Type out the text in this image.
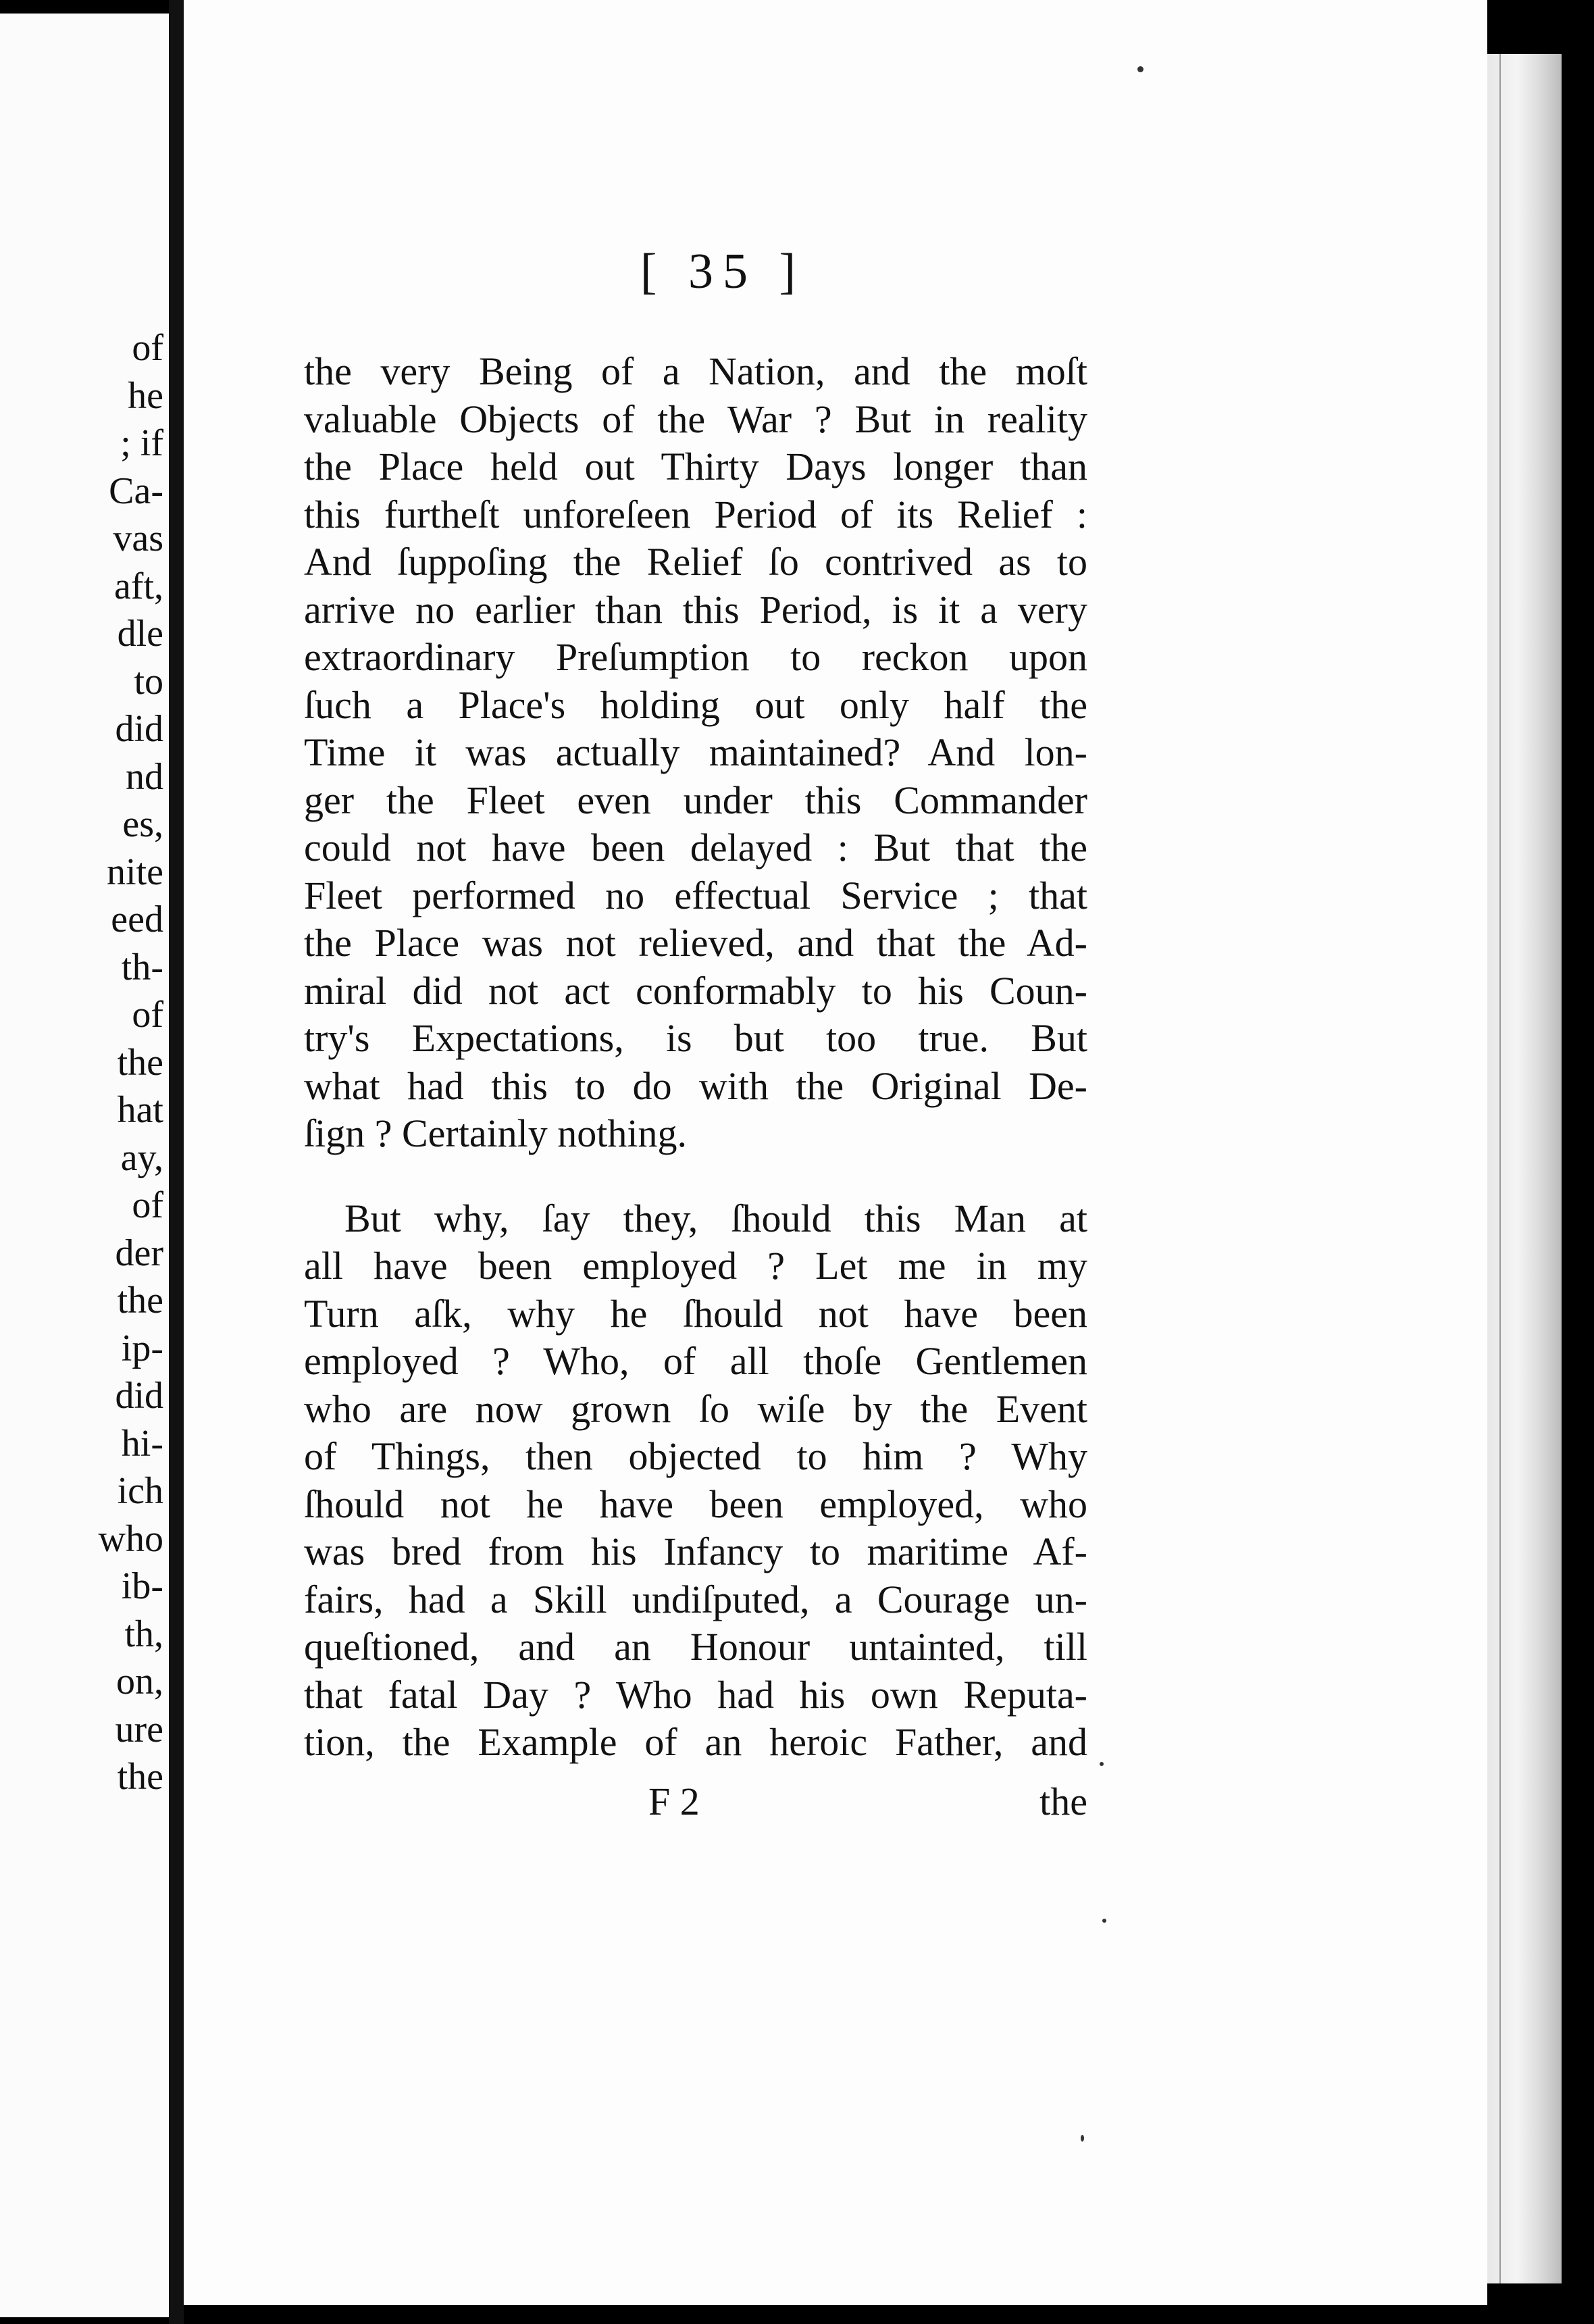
of
he
; if
Ca-
vas
aft,
dle
to
did
nd
es,
nite
eed
th-
of
the
hat
ay,
of
der
the
ip-
did
hi-
ich
who
ib-
th,
on,
ure
the
[ 35 ]
the very Being of a Nation, and the moſt
valuable Objects of the War ? But in reality
the Place held out Thirty Days longer than
this furtheſt unforeſeen Period of its Relief :
And ſuppoſing the Relief ſo contrived as to
arrive no earlier than this Period, is it a very
extraordinary Preſumption to reckon upon
ſuch a Place's holding out only half the
Time it was actually maintained? And lon-
ger the Fleet even under this Commander
could not have been delayed : But that the
Fleet performed no effectual Service ; that
the Place was not relieved, and that the Ad-
miral did not act conformably to his Coun-
try's Expectations, is but too true. But
what had this to do with the Original De-
ſign ? Certainly nothing.
But why, ſay they, ſhould this Man at
all have been employed ? Let me in my
Turn aſk, why he ſhould not have been
employed ? Who, of all thoſe Gentlemen
who are now grown ſo wiſe by the Event
of Things, then objected to him ? Why
ſhould not he have been employed, who
was bred from his Infancy to maritime Af-
fairs, had a Skill undiſputed, a Courage un-
queſtioned, and an Honour untainted, till
that fatal Day ? Who had his own Reputa-
tion, the Example of an heroic Father, and
F 2	the
